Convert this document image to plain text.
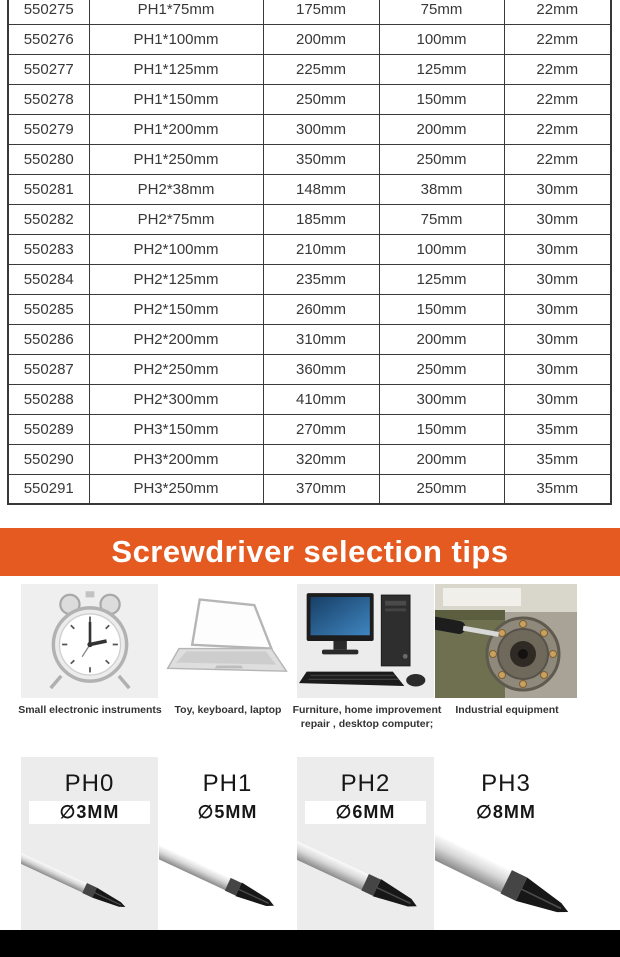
550275	PH1*75mm	175mm	75mm	22mm
550276	PH1*100mm	200mm	100mm	22mm
550277	PH1*125mm	225mm	125mm	22mm
550278	PH1*150mm	250mm	150mm	22mm
550279	PH1*200mm	300mm	200mm	22mm
550280	PH1*250mm	350mm	250mm	22mm
550281	PH2*38mm	148mm	38mm	30mm
550282	PH2*75mm	185mm	75mm	30mm
550283	PH2*100mm	210mm	100mm	30mm
550284	PH2*125mm	235mm	125mm	30mm
550285	PH2*150mm	260mm	150mm	30mm
550286	PH2*200mm	310mm	200mm	30mm
550287	PH2*250mm	360mm	250mm	30mm
550288	PH2*300mm	410mm	300mm	30mm
550289	PH3*150mm	270mm	150mm	35mm
550290	PH3*200mm	320mm	200mm	35mm
550291	PH3*250mm	370mm	250mm	35mm
Screwdriver selection tips
Small electronic instruments	Toy, keyboard, laptop	Furniture, home improvement repair , desktop computer;
Industrial equipment
PH0
∅3MM
PH1
∅5MM
PH2
∅6MM
PH3
∅8MM
